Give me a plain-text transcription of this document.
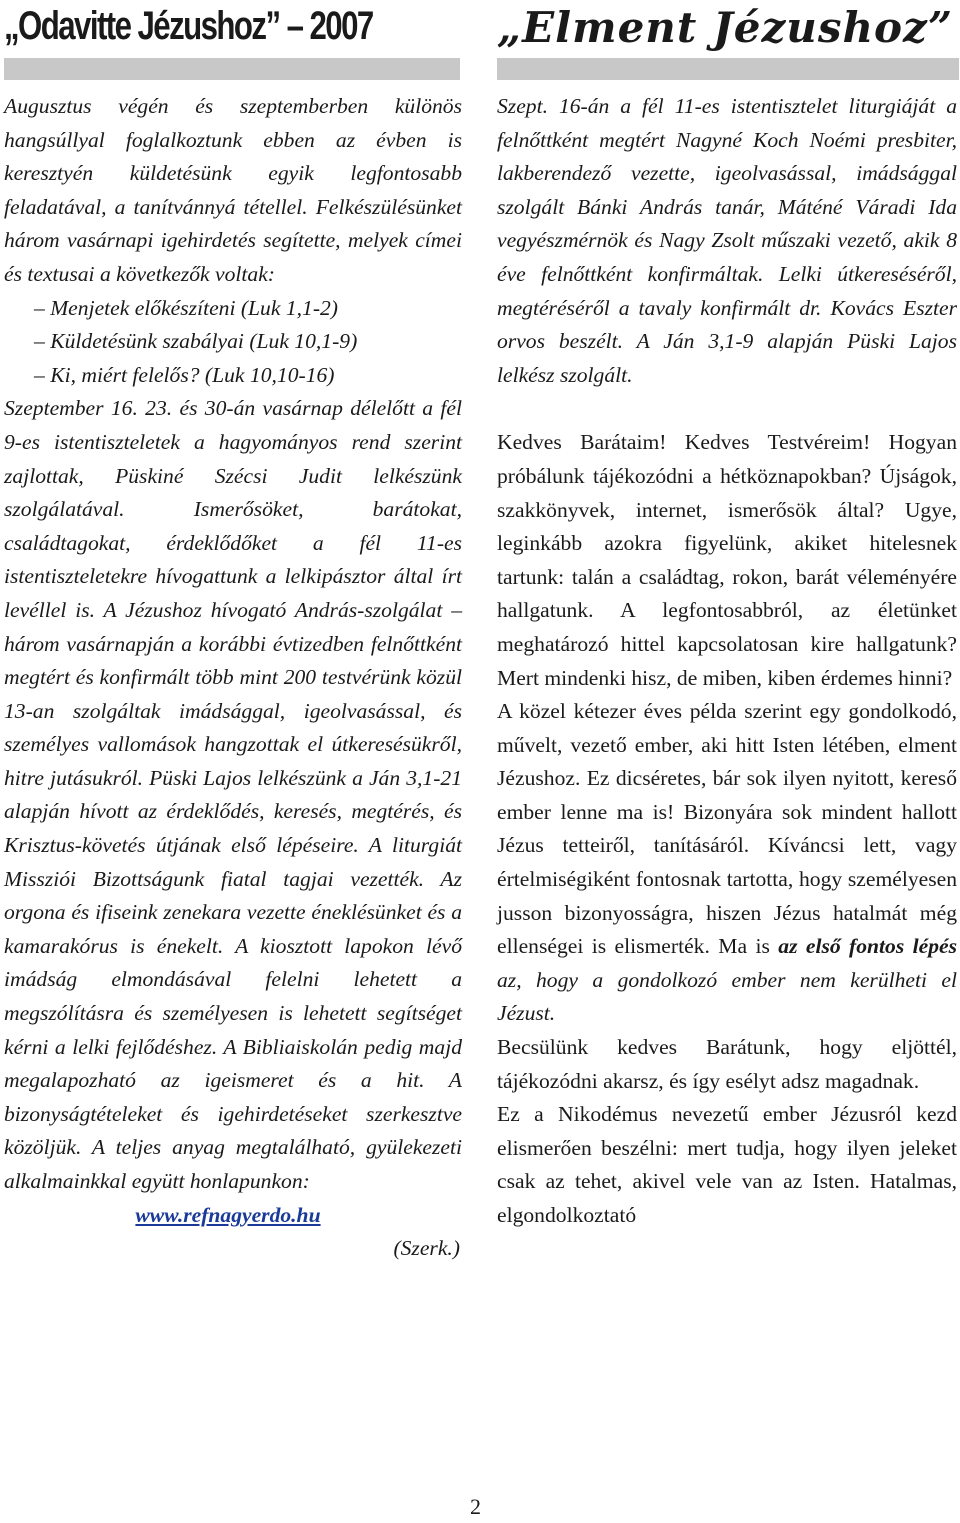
„Odavitte Jézushoz” – 2007

Augusztus végén és szeptemberben különös hangsúllyal foglalkoztunk ebben az évben is keresztyén küldetésünk egyik legfontosabb feladatával, a tanítvánnyá tétellel. Felkészülésünket három vasárnapi igehirdetés segítette, melyek címei és textusai a következők voltak:
– Menjetek előkészíteni (Luk 1,1-2)
– Küldetésünk szabályai (Luk 10,1-9)
– Ki, miért felelős? (Luk 10,10-16)
Szeptember 16. 23. és 30-án vasárnap délelőtt a fél 9-es istentiszteletek a hagyományos rend szerint zajlottak, Püskiné Szécsi Judit lelkészünk szolgálatával. Ismerősöket, barátokat, családtagokat, érdeklődőket a fél 11-es istentiszteletekre hívogattunk a lelkipásztor által írt levéllel is. A Jézushoz hívogató András-szolgálat – három vasárnapján a korábbi évtizedben felnőttként megtért és konfirmált több mint 200 testvérünk közül 13-an szolgáltak imádsággal, igeolvasással, és személyes vallomások hangzottak el útkeresésükről, hitre jutásukról. Püski Lajos lelkészünk a Ján 3,1-21 alapján hívott az érdeklődés, keresés, megtérés, és Krisztus-követés útjának első lépéseire. A liturgiát Missziói Bizottságunk fiatal tagjai vezették. Az orgona és ifiseink zenekara vezette éneklésünket és a kamarakórus is énekelt. A kiosztott lapokon lévő imádság elmondásával felelni lehetett a megszólításra és személyesen is lehetett segítséget kérni a lelki fejlődéshez. A Bibliaiskolán pedig majd megalapozható az igeismeret és a hit. A bizonyságtételeket és igehirdetéseket szerkesztve közöljük. A teljes anyag megtalálható, gyülekezeti alkalmainkkal együtt honlapunkon:
www.refnagyerdo.hu
(Szerk.)

„Elment Jézushoz”

Szept. 16-án a fél 11-es istentisztelet liturgiáját a felnőttként megtért Nagyné Koch Noémi presbiter, lakberendező vezette, igeolvasással, imádsággal szolgált Bánki András tanár, Máténé Váradi Ida vegyészmérnök és Nagy Zsolt műszaki vezető, akik 8 éve felnőttként konfirmáltak. Lelki útkereséséről, megtéréséről a tavaly konfirmált dr. Kovács Eszter orvos beszélt. A Ján 3,1-9 alapján Püski Lajos lelkész szolgált.
Kedves Barátaim! Kedves Testvéreim! Hogyan próbálunk tájékozódni a hétköznapokban? Újságok, szakkönyvek, internet, ismerősök által? Ugye, leginkább azokra figyelünk, akiket hitelesnek tartunk: talán a családtag, rokon, barát véleményére hallgatunk. A legfontosabbról, az életünket meghatározó hittel kapcsolatosan kire hallgatunk? Mert mindenki hisz, de miben, kiben érdemes hinni?
A közel kétezer éves példa szerint egy gondolkodó, művelt, vezető ember, aki hitt Isten létében, elment Jézushoz. Ez dicséretes, bár sok ilyen nyitott, kereső ember lenne ma is! Bizonyára sok mindent hallott Jézus tetteiről, tanításáról. Kíváncsi lett, vagy értelmiségiként fontosnak tartotta, hogy személyesen jusson bizonyosságra, hiszen Jézus hatalmát még ellenségei is elismerték. Ma is az első fontos lépés az, hogy a gondolkozó ember nem kerülheti el Jézust.
Becsülünk kedves Barátunk, hogy eljöttél, tájékozódni akarsz, és így esélyt adsz magadnak.
Ez a Nikodémus nevezetű ember Jézusról kezd elismerően beszélni: mert tudja, hogy ilyen jeleket csak az tehet, akivel vele van az Isten. Hatalmas, elgondolkoztató

2
